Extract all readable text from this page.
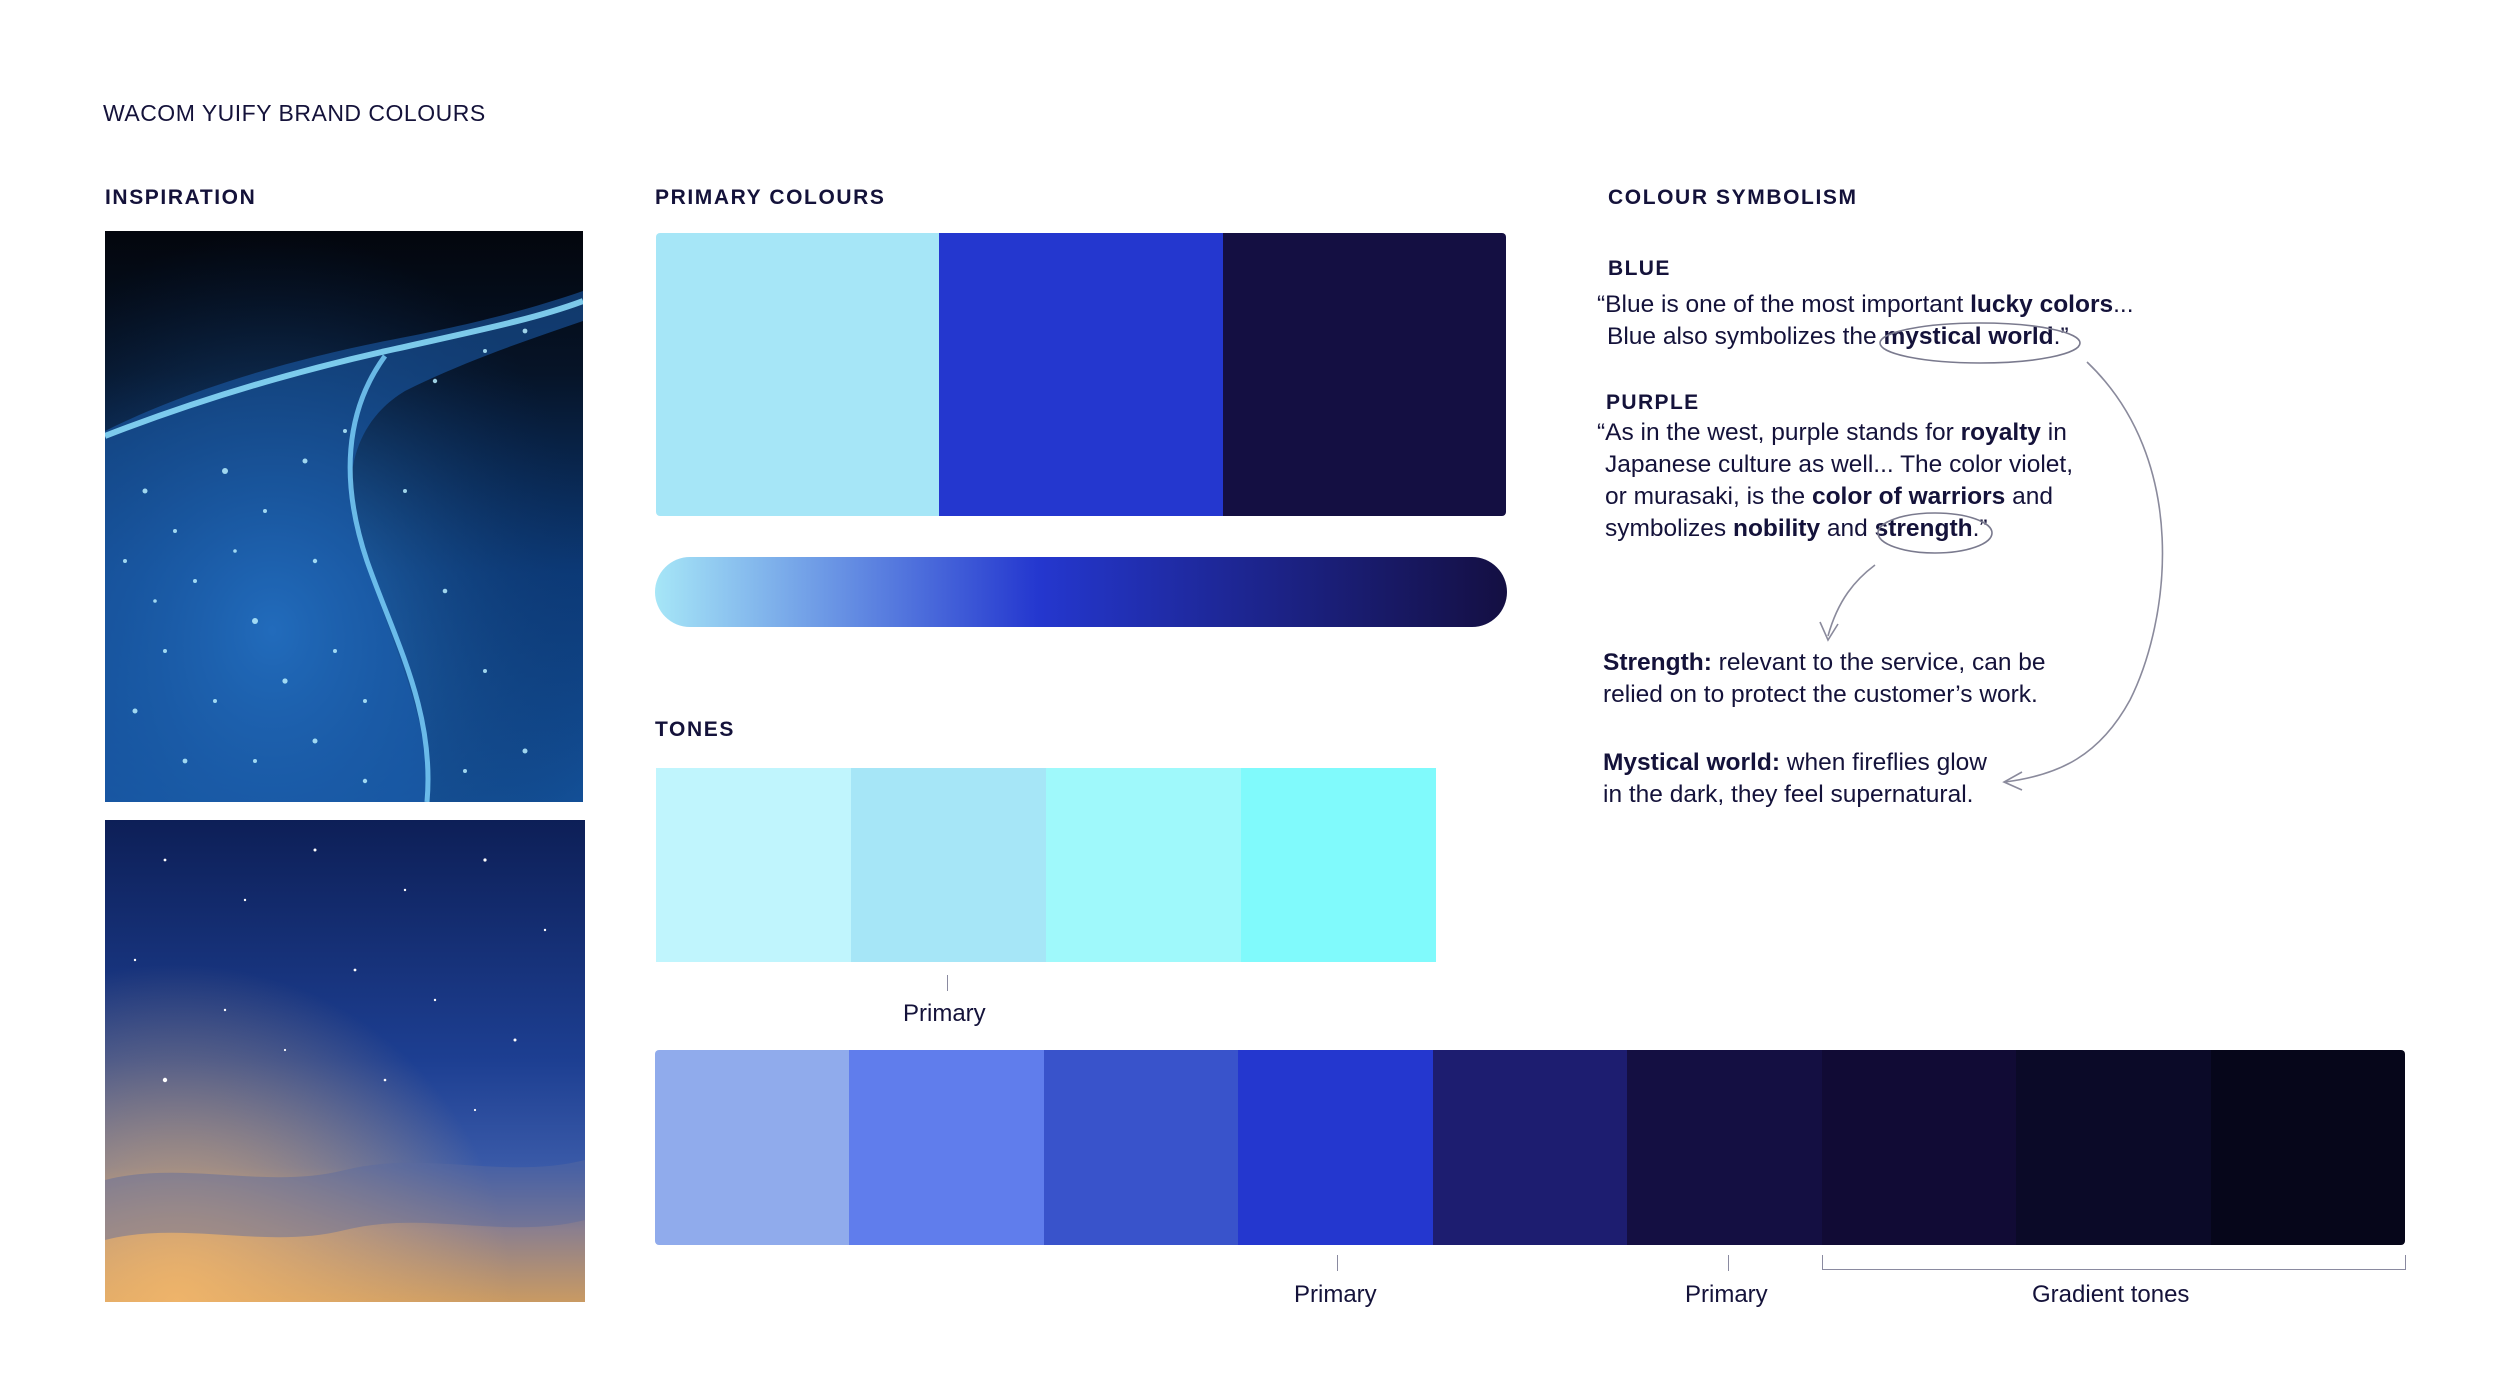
WACOM YUIFY BRAND COLOURS
INSPIRATION	PRIMARY COLOURS	COLOUR SYMBOLISM
TONES
Primary
Primary	Primary	Gradient tones
BLUE
“Blue is one of the most important lucky colors...
Blue also symbolizes the mystical world.”
PURPLE
“As in the west, purple stands for royalty in
Japanese culture as well... The color violet,
or murasaki, is the color of warriors and
symbolizes nobility and strength.”
Strength: relevant to the service, can be
relied on to protect the customer’s work.
Mystical world: when fireflies glow
in the dark, they feel supernatural.
